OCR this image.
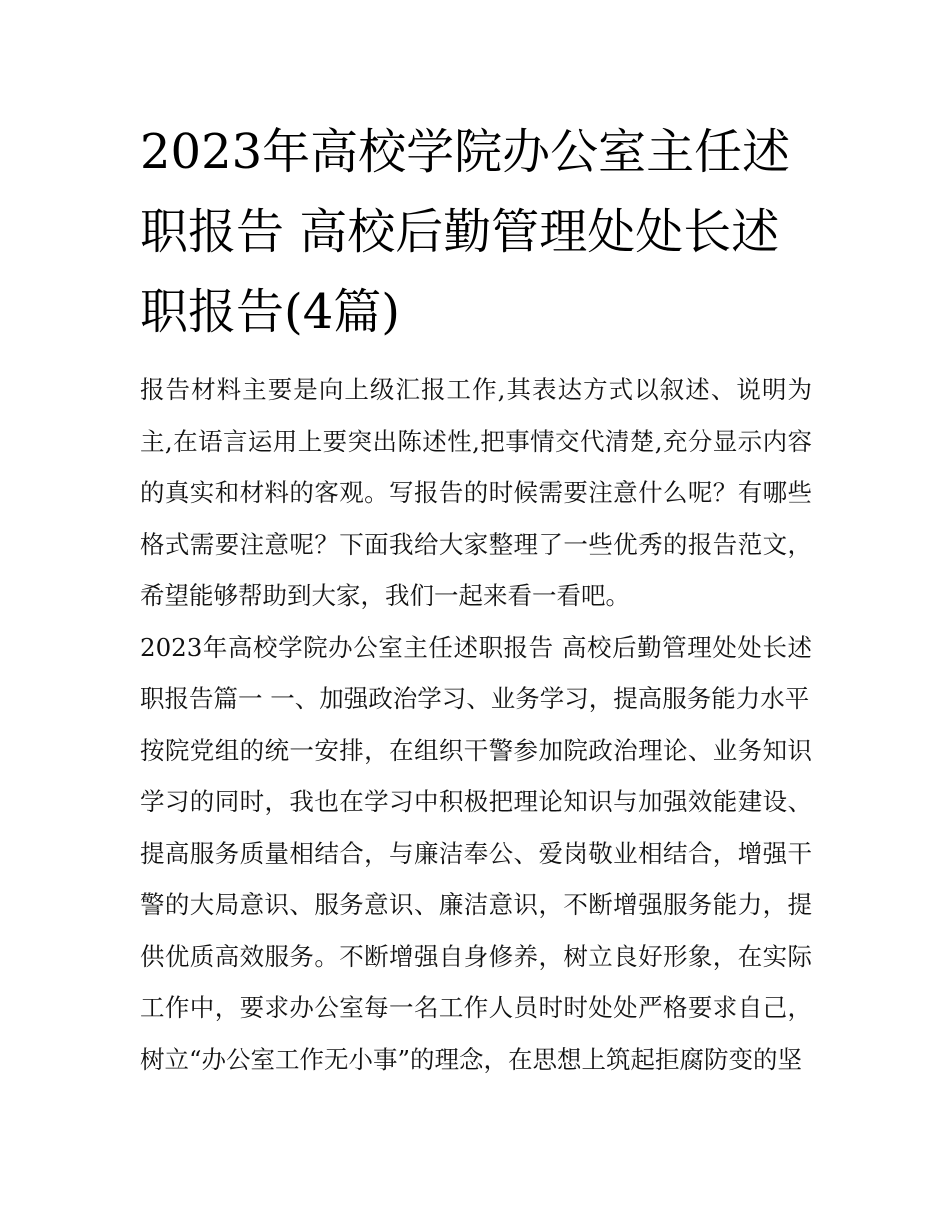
2023年高校学院办公室主任述职报告 高校后勤管理处处长述职报告(4篇)

报告材料主要是向上级汇报工作,其表达方式以叙述、说明为主,在语言运用上要突出陈述性,把事情交代清楚,充分显示内容的真实和材料的客观。写报告的时候需要注意什么呢？有哪些格式需要注意呢？下面我给大家整理了一些优秀的报告范文，希望能够帮助到大家，我们一起来看一看吧。

2023年高校学院办公室主任述职报告 高校后勤管理处处长述职报告篇一 一、加强政治学习、业务学习，提高服务能力水平

按院党组的统一安排，在组织干警参加院政治理论、业务知识学习的同时，我也在学习中积极把理论知识与加强效能建设、提高服务质量相结合，与廉洁奉公、爱岗敬业相结合，增强干警的大局意识、服务意识、廉洁意识，不断增强服务能力，提供优质高效服务。不断增强自身修养，树立良好形象，在实际工作中，要求办公室每一名工作人员时时处处严格要求自己，树立“办公室工作无小事”的理念，在思想上筑起拒腐防变的坚
